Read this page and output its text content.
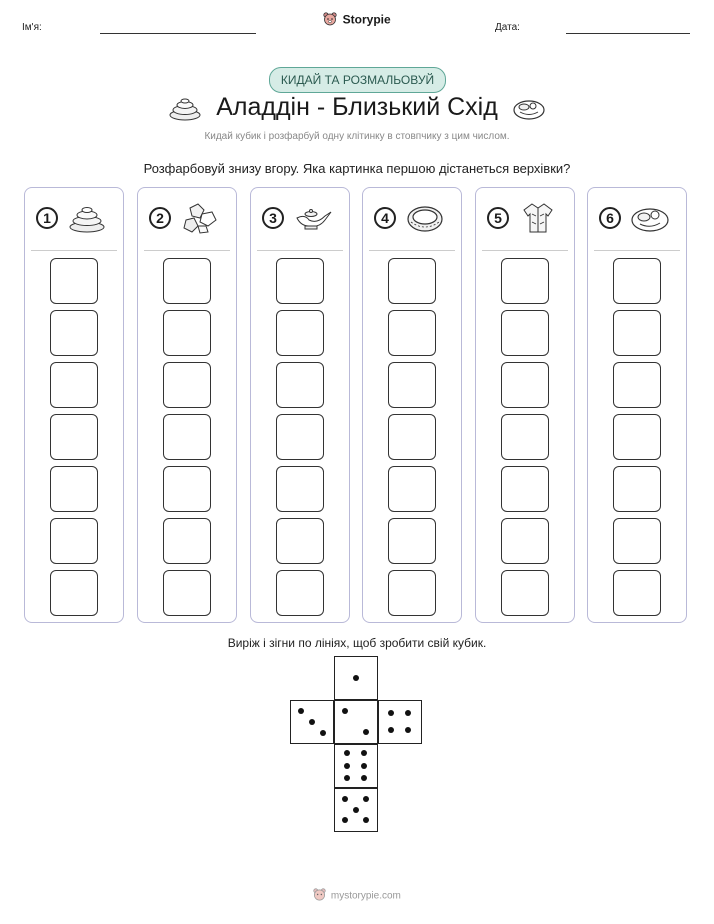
Ім'я:
Storypie
Дата:
КИДАЙ ТА РОЗМАЛЬОВУЙ
Аладдін - Близький Схід
Кидай кубик і розфарбуй одну клітинку в стовпчику з цим числом.
Розфарбовуй знизу вгору. Яка картинка першою дістанеться верхівки?
1	2	3	4	5	6
Виріж і зігни по лініях, щоб зробити свій кубик.
mystorypie.com
